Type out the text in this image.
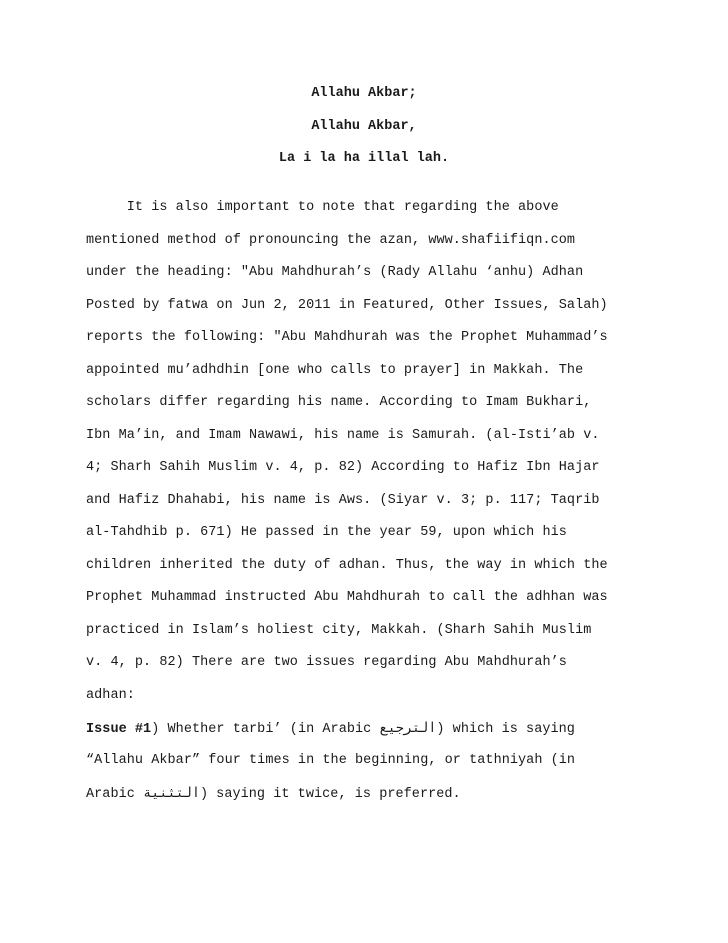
Allahu Akbar;
Allahu Akbar,
La i la ha illal lah.
It is also important to note that regarding the above
mentioned method of pronouncing the azan, www.shafiifiqn.com
under the heading: "Abu Mahdhurah’s (Rady Allahu ‘anhu) Adhan
Posted by fatwa on Jun 2, 2011 in Featured, Other Issues, Salah)
reports the following: "Abu Mahdhurah was the Prophet Muhammad’s
appointed mu’adhdhin [one who calls to prayer] in Makkah. The
scholars differ regarding his name. According to Imam Bukhari,
Ibn Ma’in, and Imam Nawawi, his name is Samurah. (al-Isti’ab v.
4; Sharh Sahih Muslim v. 4, p. 82) According to Hafiz Ibn Hajar
and Hafiz Dhahabi, his name is Aws. (Siyar v. 3; p. 117; Taqrib
al-Tahdhib p. 671) He passed in the year 59, upon which his
children inherited the duty of adhan. Thus, the way in which the
Prophet Muhammad instructed Abu Mahdhurah to call the adhhan was
practiced in Islam’s holiest city, Makkah. (Sharh Sahih Muslim
v. 4, p. 82) There are two issues regarding Abu Mahdhurah’s
adhan:
Issue #1) Whether tarbi’ (in Arabic الترجيع) which is saying
“Allahu Akbar” four times in the beginning, or tathniyah (in
Arabic التثنية) saying it twice, is preferred.
